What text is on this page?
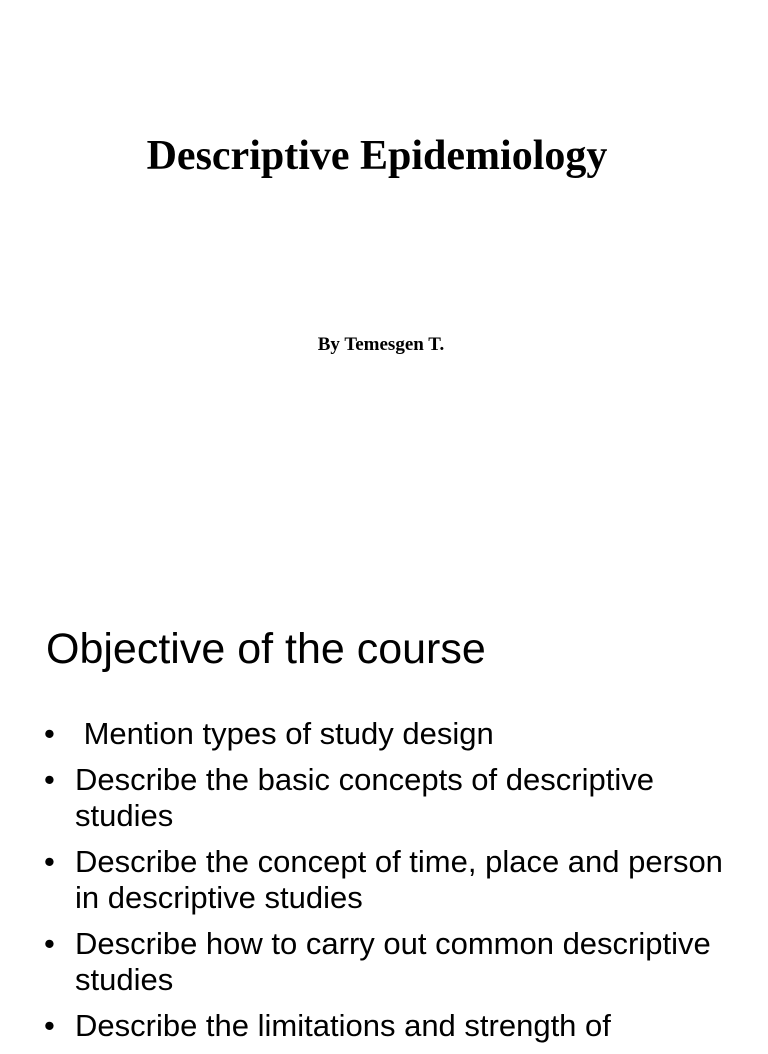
Descriptive Epidemiology

By Temesgen T.

Objective of the course
• Mention types of study design
• Describe the basic concepts of descriptive studies
• Describe the concept of time, place and person in descriptive studies
• Describe how to carry out common descriptive studies
• Describe the limitations and strength of
